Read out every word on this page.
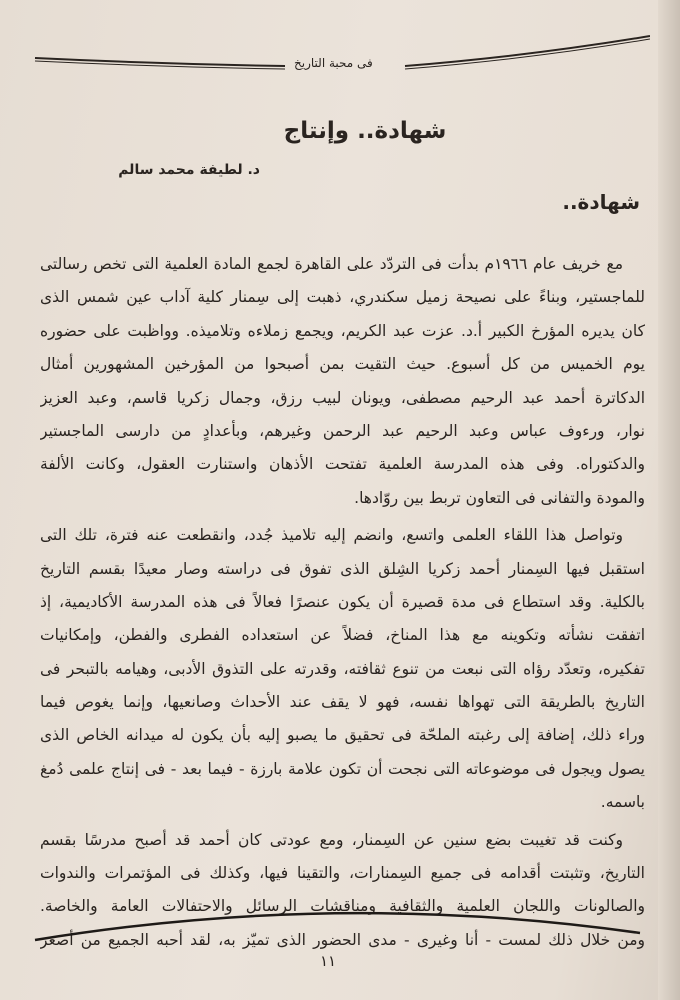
فى محبة التاريخ
شهادة.. وإنتاج
د. لطيفة محمد سالم
شهادة..
مع خريف عام ١٩٦٦م بدأت فى التردّد على القاهرة لجمع المادة العلمية التى تخص رسالتى
للماجستير، وبناءً على نصيحة زميل سكندري، ذهبت إلى سِمنار كلية آداب عين شمس الذى
كان يديره المؤرخ الكبير أ.د. عزت عبد الكريم، ويجمع زملاءه وتلاميذه. وواظبت على حضوره
يوم الخميس من كل أسبوع. حيث التقيت بمن أصبحوا من المؤرخين المشهورين أمثال
الدكاترة أحمد عبد الرحيم مصطفى، ويونان لبيب رزق، وجمال زكريا قاسم، وعبد العزيز
نوار، ورءوف عباس وعبد الرحيم عبد الرحمن وغيرهم، وبأعدادٍ من دارسى الماجستير
والدكتوراه. وفى هذه المدرسة العلمية تفتحت الأذهان واستنارت العقول، وكانت الألفة
والمودة والتفانى فى التعاون تربط بين روّادها.
وتواصل هذا اللقاء العلمى واتسع، وانضم إليه تلاميذ جُدد، وانقطعت عنه فترة، تلك التى
استقبل فيها السِمنار أحمد زكريا الشِلق الذى تفوق فى دراسته وصار معيدًا بقسم التاريخ
بالكلية. وقد استطاع فى مدة قصيرة أن يكون عنصرًا فعالاً فى هذه المدرسة الأكاديمية، إذ
اتفقت نشأته وتكوينه مع هذا المناخ، فضلاً عن استعداده الفطرى والفطن، وإمكانيات
تفكيره، وتعدّد رؤاه التى نبعت من تنوع ثقافته، وقدرته على التذوق الأدبى، وهيامه بالتبحر فى
التاريخ بالطريقة التى تهواها نفسه، فهو لا يقف عند الأحداث وصانعيها، وإنما يغوص فيما
وراء ذلك، إضافة إلى رغبته الملحّة فى تحقيق ما يصبو إليه بأن يكون له ميدانه الخاص الذى
يصول ويجول فى موضوعاته التى نجحت أن تكون علامة بارزة - فيما بعد - فى إنتاج علمى دُمغ
باسمه.
وكنت قد تغيبت بضع سنين عن السِمنار، ومع عودتى كان أحمد قد أصبح مدرسًا بقسم
التاريخ، وتثبتت أقدامه فى جميع السِمنارات، والتقينا فيها، وكذلك فى المؤتمرات والندوات
والصالونات واللجان العلمية والثقافية ومناقشات الرسائل والاحتفالات العامة والخاصة.
ومن خلال ذلك لمست - أنا وغيرى - مدى الحضور الذى تميّز به، لقد أحبه الجميع من أصغر
١١
